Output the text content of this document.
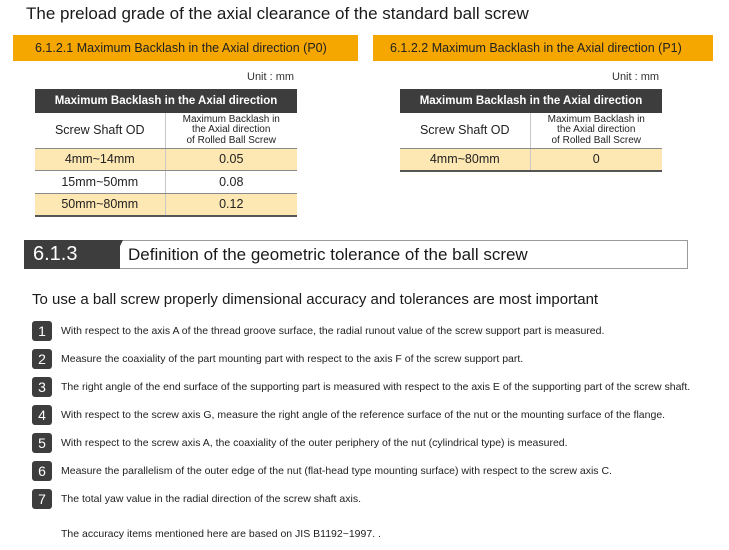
The preload grade of the axial clearance of the standard ball screw
6.1.2.1 Maximum Backlash in the Axial direction (P0)	6.1.2.2 Maximum Backlash in the Axial direction (P1)
Unit : mm	Unit : mm
Maximum Backlash in the Axial direction	
Screw Shaft OD	Maximum Backlash in
the Axial direction
of Rolled Ball Screw

4mm~14mm	0.05
15mm~50mm	0.08
50mm~80mm	0.12
Maximum Backlash in the Axial direction	
Screw Shaft OD	Maximum Backlash in
the Axial direction
of Rolled Ball Screw

4mm~80mm	0
6.1.3	Definition of the geometric tolerance of the ball screw
To use a ball screw properly dimensional accuracy and tolerances are most important
1	With respect to the axis A of the thread groove surface, the radial runout value of the screw support part is measured.
2	Measure the coaxiality of the part mounting part with respect to the axis F of the screw support part.
3	The right angle of the end surface of the supporting part is measured with respect to the axis E of the supporting part of the screw shaft.
4	With respect to the screw axis G, measure the right angle of the reference surface of the nut or the mounting surface of the flange.
5	With respect to the screw axis A, the coaxiality of the outer periphery of the nut (cylindrical type) is measured.
6	Measure the parallelism of the outer edge of the nut (flat-head type mounting surface) with respect to the screw axis C.
7	The total yaw value in the radial direction of the screw shaft axis.
The accuracy items mentioned here are based on JIS B1192~1997. .
